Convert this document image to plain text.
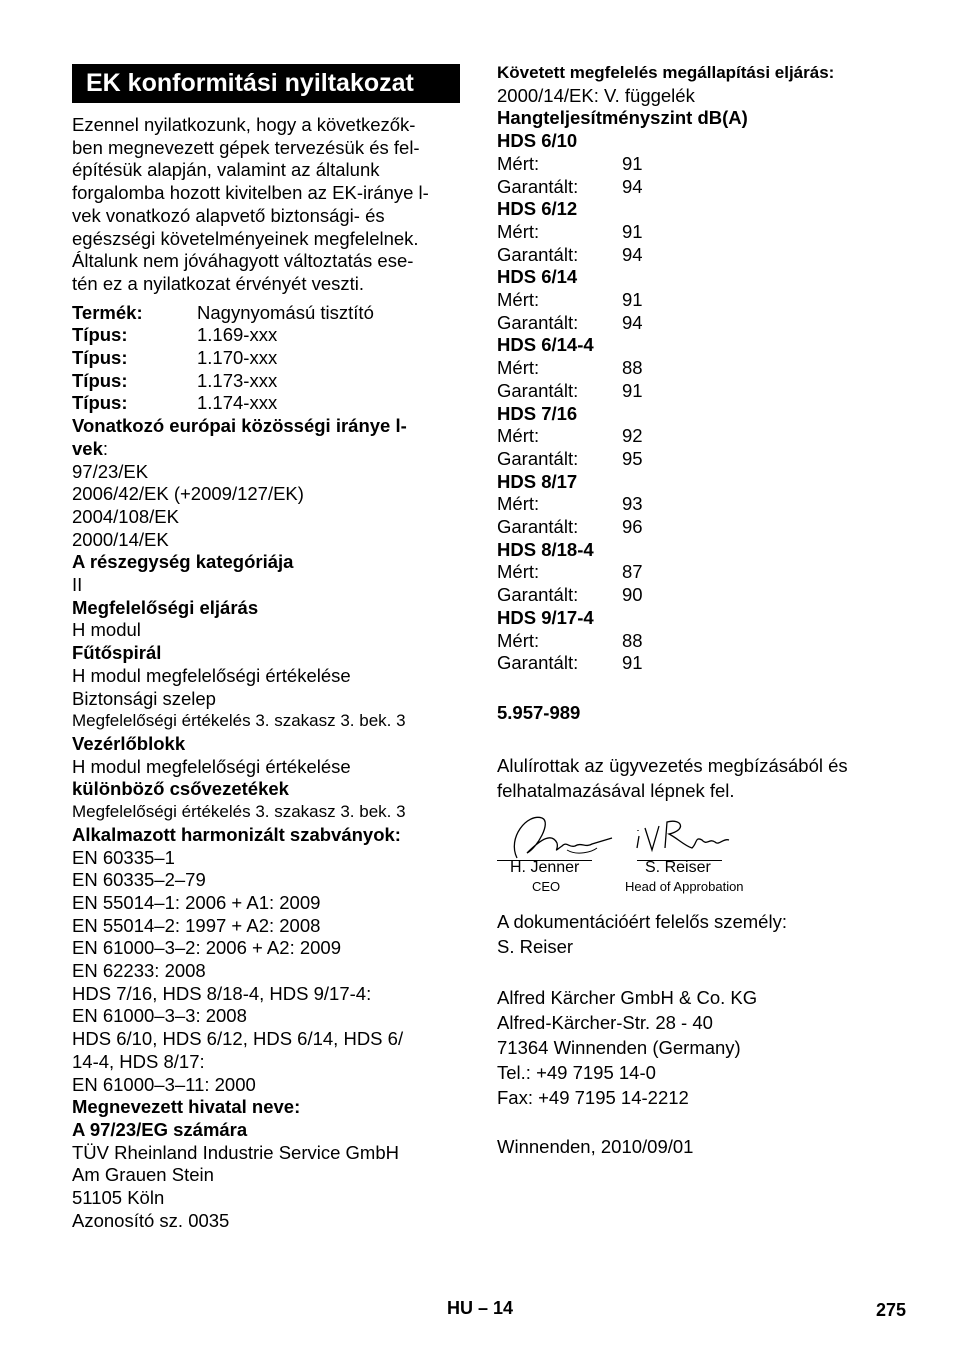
EK konformitási nyiltakozat
Ezennel nyilatkozunk, hogy a következők-
ben megnevezett gépek tervezésük és fel-
építésük alapján, valamint az általunk
forgalomba hozott kivitelben az EK-iránye l-
vek vonatkozó alapvető biztonsági- és
egészségi követelményeinek megfelelnek.
Általunk nem jóváhagyott változtatás ese-
tén ez a nyilatkozat érvényét veszti.
Termék:	Nagynyomású tisztító
Típus:	1.169-xxx
Típus:	1.170-xxx
Típus:	1.173-xxx
Típus:	1.174-xxx
Vonatkozó európai közösségi iránye l-
vek:
97/23/EK
2006/42/EK (+2009/127/EK)
2004/108/EK
2000/14/EK
A részegység kategóriája
II
Megfelelőségi eljárás
H modul
Fűtőspirál
H modul megfelelőségi értékelése
Biztonsági szelep
Megfelelőségi értékelés 3. szakasz 3. bek. 3
Vezérlőblokk
H modul megfelelőségi értékelése
különböző csővezetékek
Megfelelőségi értékelés 3. szakasz 3. bek. 3
Alkalmazott harmonizált szabványok:
EN 60335–1
EN 60335–2–79
EN 55014–1: 2006 + A1: 2009
EN 55014–2: 1997 + A2: 2008
EN 61000–3–2: 2006 + A2: 2009
EN 62233: 2008
HDS 7/16, HDS 8/18-4, HDS 9/17-4:
EN 61000–3–3: 2008
HDS 6/10, HDS 6/12, HDS 6/14, HDS 6/
14-4, HDS 8/17:
EN 61000–3–11: 2000
Megnevezett hivatal neve:
A 97/23/EG számára
TÜV Rheinland Industrie Service GmbH
Am Grauen Stein
51105 Köln
Azonosító sz. 0035
Követett megfelelés megállapítási eljárás:
2000/14/EK: V. függelék
Hangteljesítményszint dB(A)
HDS 6/10
Mért:	91
Garantált:	94
HDS 6/12
Mért:	91
Garantált:	94
HDS 6/14
Mért:	91
Garantált:	94
HDS 6/14-4
Mért:	88
Garantált:	91
HDS 7/16
Mért:	92
Garantált:	95
HDS 8/17
Mért:	93
Garantált:	96
HDS 8/18-4
Mért:	87
Garantált:	90
HDS 9/17-4
Mért:	88
Garantált:	91
5.957-989
Alulírottak az ügyvezetés megbízásából és
felhatalmazásával lépnek fel.
H. Jenner
CEO
S. Reiser
Head of Approbation
A dokumentációért felelős személy:
S. Reiser
Alfred Kärcher GmbH & Co. KG
Alfred-Kärcher-Str. 28 - 40
71364 Winnenden (Germany)
Tel.: +49 7195 14-0
Fax: +49 7195 14-2212
Winnenden, 2010/09/01
HU – 14	275
